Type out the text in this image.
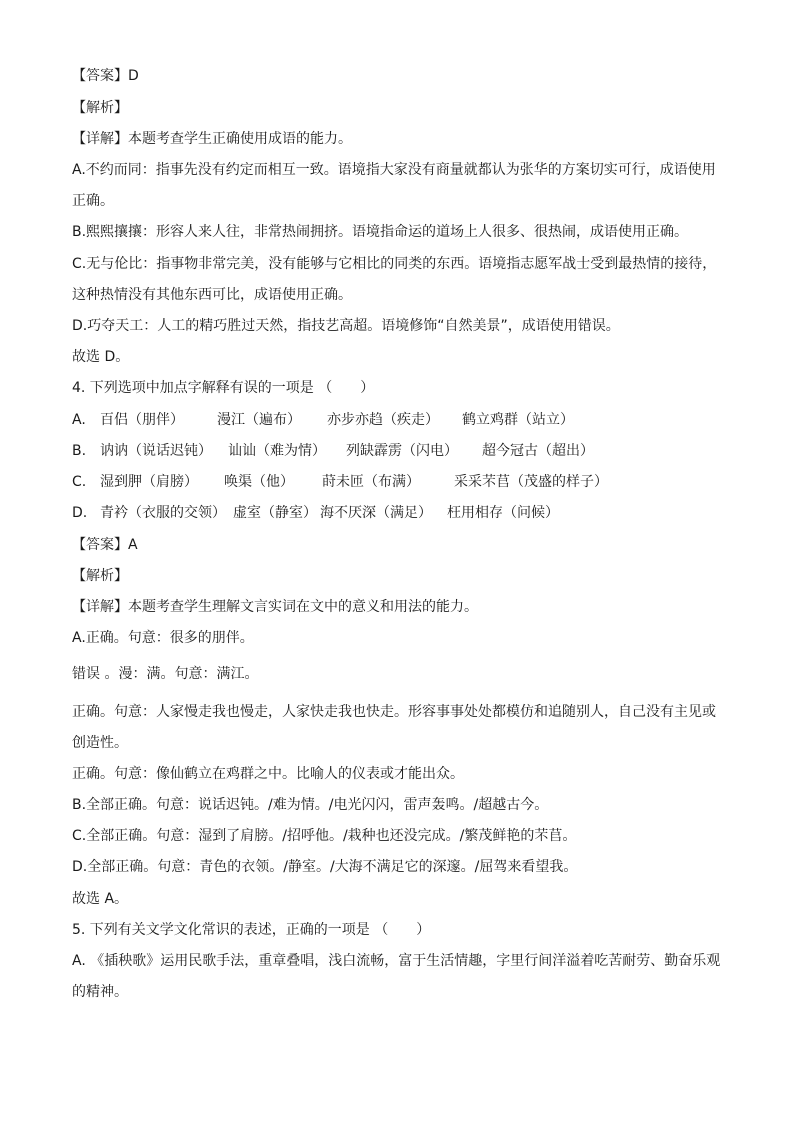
【答案】D
【解析】
【详解】本题考查学生正确使用成语的能力。
A.不约而同：指事先没有约定而相互一致。语境指大家没有商量就都认为张华的方案切实可行，成语使用
正确。
B.熙熙攘攘：形容人来人往，非常热闹拥挤。语境指命运的道场上人很多、很热闹，成语使用正确。
C.无与伦比：指事物非常完美，没有能够与它相比的同类的东西。语境指志愿军战士受到最热情的接待，
这种热情没有其他东西可比，成语使用正确。
D.巧夺天工：人工的精巧胜过天然，指技艺高超。语境修饰“自然美景”，成语使用错误。
故选 D。
4. 下列选项中加点字解释有误的一项是 （　　）
A.	百侣（朋伴）	漫江（遍布）	亦步亦趋（疾走）	鹤立鸡群（站立）
B. 讷讷（说话迟钝）	讪讪（难为情）	列缺霹雳（闪电）	超今冠古（超出）
C. 湿到胛（肩膀）	唤渠（他）	莳未匝（布满）	采采芣苢（茂盛的样子）
D. 青衿（衣服的交领） 虚室（静室） 海不厌深（满足）	枉用相存（问候）
【答案】A
【解析】
【详解】本题考查学生理解文言实词在文中的意义和用法的能力。
A.正确。句意：很多的朋伴。
错误 。漫：满。句意：满江。
正确。句意：人家慢走我也慢走，人家快走我也快走。形容事事处处都模仿和追随别人，自己没有主见或
创造性。
正确。句意：像仙鹤立在鸡群之中。比喻人的仪表或才能出众。
B.全部正确。句意：说话迟钝。/难为情。/电光闪闪，雷声轰鸣。/超越古今。
C.全部正确。句意：湿到了肩膀。/招呼他。/栽种也还没完成。/繁茂鲜艳的芣苢。
D.全部正确。句意：青色的衣领。/静室。/大海不满足它的深邃。/屈驾来看望我。
故选 A。
5. 下列有关文学文化常识的表述，正确的一项是 （　　）
A. 《插秧歌》运用民歌手法，重章叠唱，浅白流畅，富于生活情趣，字里行间洋溢着吃苦耐劳、勤奋乐观
的精神。
